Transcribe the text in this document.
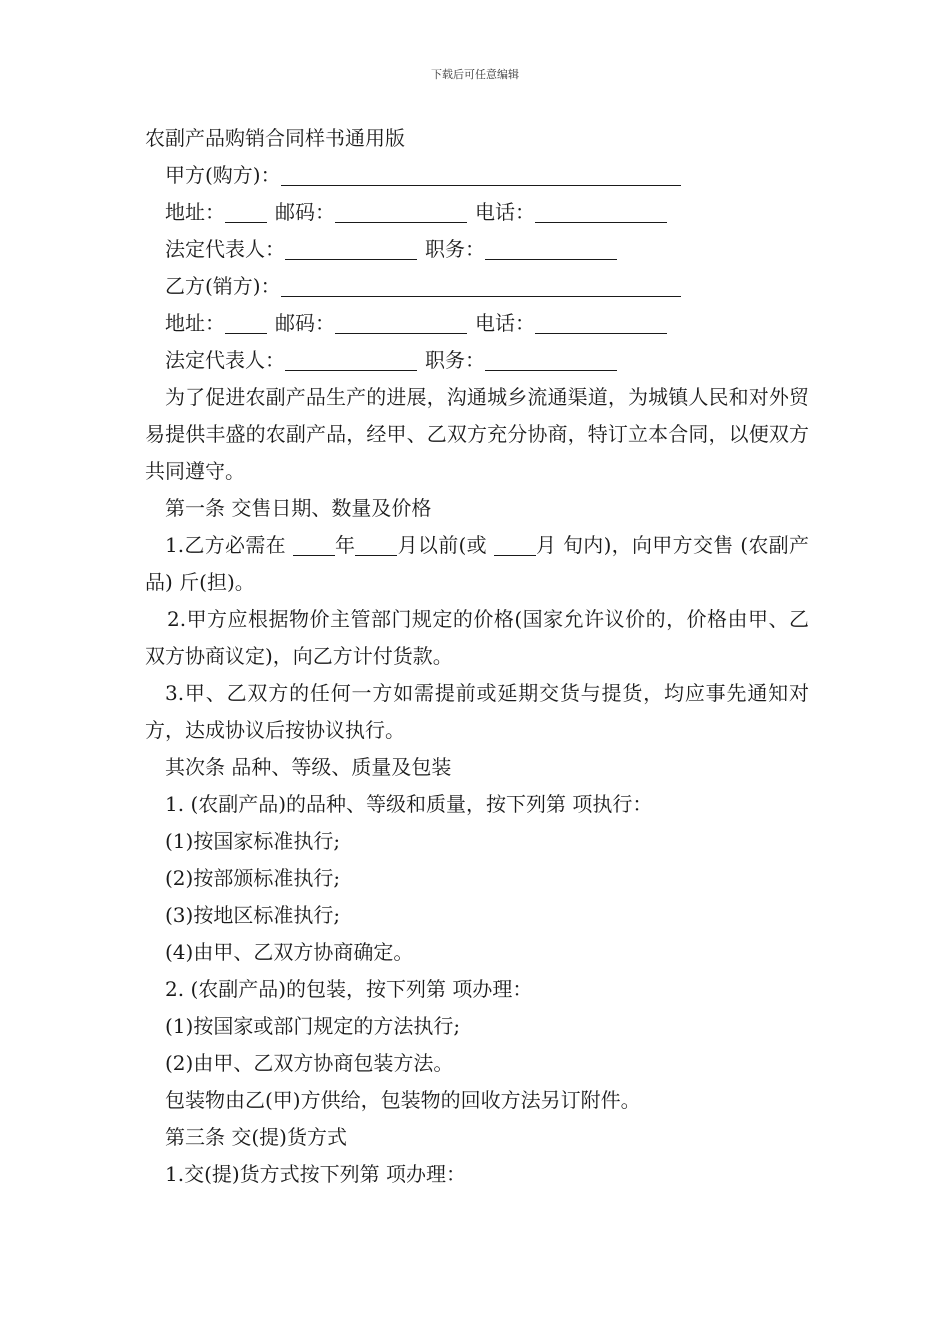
下载后可任意编辑
农副产品购销合同样书通用版
甲方(购方)：
地址：	邮码：	电话：
法定代表人：	职务：
乙方(销方)：
地址：	邮码：	电话：
法定代表人：	职务：
为了促进农副产品生产的进展，沟通城乡流通渠道，为城镇人民和对外贸易提供丰盛的农副产品，经甲、乙双方充分协商，特订立本合同，以便双方共同遵守。
第一条 交售日期、数量及价格
1.乙方必需在 年 月以前(或 月 旬内)，向甲方交售 (农副产品) 斤(担)。
2.甲方应根据物价主管部门规定的价格(国家允许议价的，价格由甲、乙双方协商议定)，向乙方计付货款。
3.甲、乙双方的任何一方如需提前或延期交货与提货，均应事先通知对方，达成协议后按协议执行。
其次条 品种、等级、质量及包装
1. (农副产品)的品种、等级和质量，按下列第 项执行：
(1)按国家标准执行;
(2)按部颁标准执行;
(3)按地区标准执行;
(4)由甲、乙双方协商确定。
2. (农副产品)的包装，按下列第 项办理：
(1)按国家或部门规定的方法执行;
(2)由甲、乙双方协商包装方法。
包装物由乙(甲)方供给，包装物的回收方法另订附件。
第三条 交(提)货方式
1.交(提)货方式按下列第 项办理：
